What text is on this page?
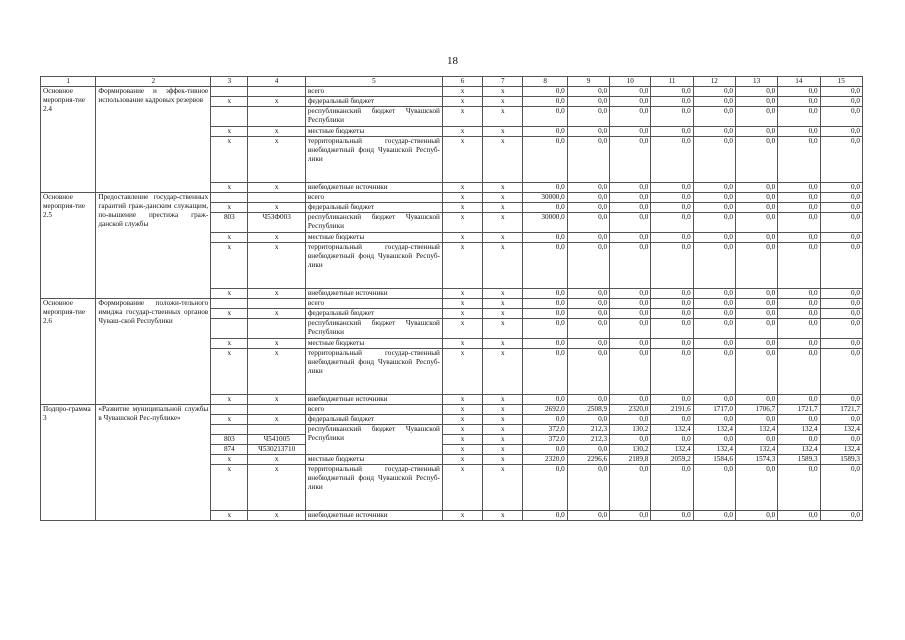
18
1	2	3	4	5	6	7	8	9	10	11	12	13	14	15
Основное мероприя-тие 2.4	Формирование и эффек-тивное использование кадровых резервов			всего	x	x	0,0	0,0	0,0	0,0	0,0	0,0	0,0	0,0
		x	x	федеральный бюджет	x	x	0,0	0,0	0,0	0,0	0,0	0,0	0,0	0,0
				республиканский бюджет Чувашской Республики	x	x	0,0	0,0	0,0	0,0	0,0	0,0	0,0	0,0
		x	x	местные бюджеты	x	x	0,0	0,0	0,0	0,0	0,0	0,0	0,0	0,0
		x	x	территориальный государ-ственный внебюджетный фонд Чувашской Респуб-лики	x	x	0,0	0,0	0,0	0,0	0,0	0,0	0,0	0,0
		x	x	внебюджетные источники	x	x	0,0	0,0	0,0	0,0	0,0	0,0	0,0	0,0
Основное мероприя-тие 2.5	Предоставление государ-ственных гарантий граж-данским служащим, по-вышение престижа граж-данской службы			всего	x	x	30000,0	0,0	0,0	0,0	0,0	0,0	0,0	0,0
		x	x	федеральный бюджет	x	x	0,0	0,0	0,0	0,0	0,0	0,0	0,0	0,0
		803	Ч53Ф003	республиканский бюджет Чувашской Республики	x	x	30000,0	0,0	0,0	0,0	0,0	0,0	0,0	0,0
		x	x	местные бюджеты	x	x	0,0	0,0	0,0	0,0	0,0	0,0	0,0	0,0
		x	x	территориальный государ-ственный внебюджетный фонд Чувашской Респуб-лики	x	x	0,0	0,0	0,0	0,0	0,0	0,0	0,0	0,0
		x	x	внебюджетные источники	x	x	0,0	0,0	0,0	0,0	0,0	0,0	0,0	0,0
Основное мероприя-тие 2.6	Формирование положи-тельного имиджа государ-ственных органов Чуваш-ской Республики			всего	x	x	0,0	0,0	0,0	0,0	0,0	0,0	0,0	0,0
		x	x	федеральный бюджет	x	x	0,0	0,0	0,0	0,0	0,0	0,0	0,0	0,0
				республиканский бюджет Чувашской Республики	x	x	0,0	0,0	0,0	0,0	0,0	0,0	0,0	0,0
		x	x	местные бюджеты	x	x	0,0	0,0	0,0	0,0	0,0	0,0	0,0	0,0
		x	x	территориальный государ-ственный внебюджетный фонд Чувашской Респуб-лики	x	x	0,0	0,0	0,0	0,0	0,0	0,0	0,0	0,0
		x	x	внебюджетные источники	x	x	0,0	0,0	0,0	0,0	0,0	0,0	0,0	0,0
Подпро-грамма 3	«Развитие муниципальной службы в Чувашской Рес-публике»			всего	x	x	2692,0	2508,9	2320,0	2191,6	1717,0	1706,7	1721,7	1721,7
		x	x	федеральный бюджет	x	x	0,0	0,0	0,0	0,0	0,0	0,0	0,0	0,0
				республиканский бюджет Чувашской Республики	x	x	372,0	212,3	130,2	132,4	132,4	132,4	132,4	132,4
		803	Ч541005		x	x	372,0	212,3	0,0	0,0	0,0	0,0	0,0	0,0
		874	Ч530213710		x	x	0,0	0,0	130,2	132,4	132,4	132,4	132,4	132,4
		x	x	местные бюджеты	x	x	2320,0	2296,6	2189,8	2059,2	1584,6	1574,3	1589,3	1589,3
		x	x	территориальный государ-ственный внебюджетный фонд Чувашской Респуб-лики	x	x	0,0	0,0	0,0	0,0	0,0	0,0	0,0	0,0
		x	x	внебюджетные источники	x	x	0,0	0,0	0,0	0,0	0,0	0,0	0,0	0,0
